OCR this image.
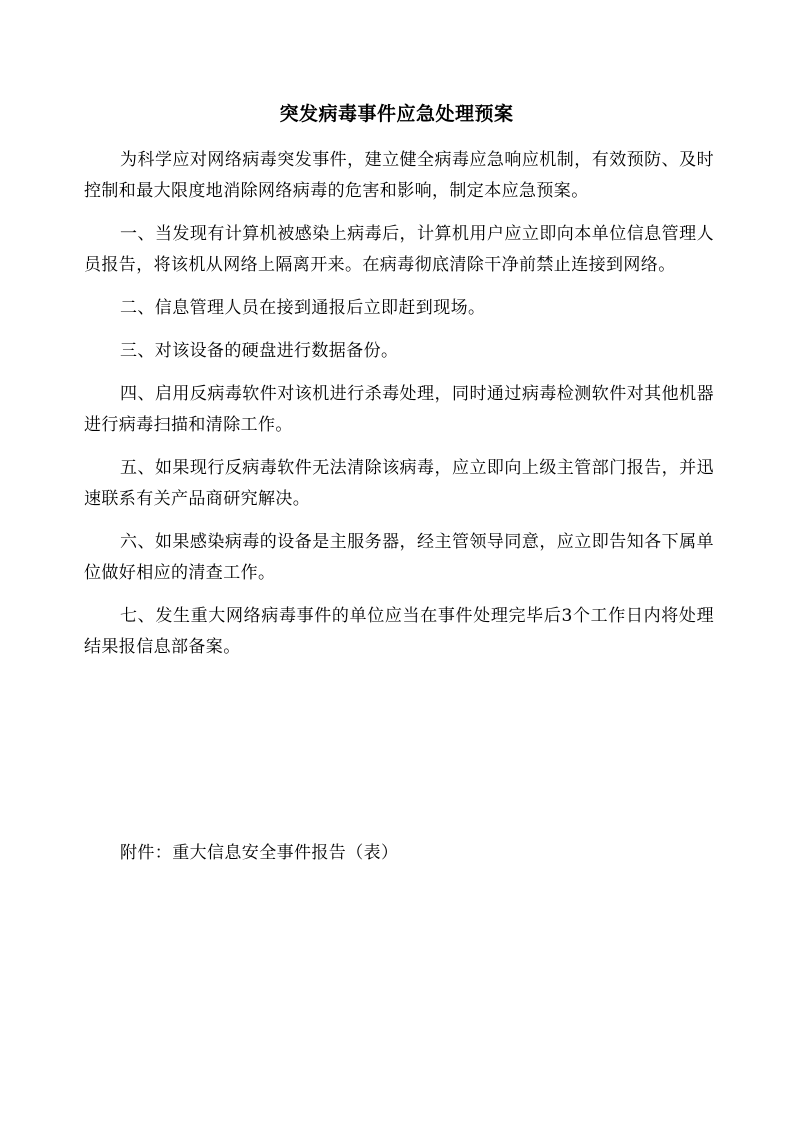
突发病毒事件应急处理预案

为科学应对网络病毒突发事件，建立健全病毒应急响应机制，有效预防、及时控制和最大限度地消除网络病毒的危害和影响，制定本应急预案。

一、当发现有计算机被感染上病毒后，计算机用户应立即向本单位信息管理人员报告，将该机从网络上隔离开来。在病毒彻底清除干净前禁止连接到网络。

二、信息管理人员在接到通报后立即赶到现场。

三、对该设备的硬盘进行数据备份。

四、启用反病毒软件对该机进行杀毒处理，同时通过病毒检测软件对其他机器进行病毒扫描和清除工作。

五、如果现行反病毒软件无法清除该病毒，应立即向上级主管部门报告，并迅速联系有关产品商研究解决。

六、如果感染病毒的设备是主服务器，经主管领导同意，应立即告知各下属单位做好相应的清查工作。

七、发生重大网络病毒事件的单位应当在事件处理完毕后3个工作日内将处理结果报信息部备案。

附件：重大信息安全事件报告（表）
